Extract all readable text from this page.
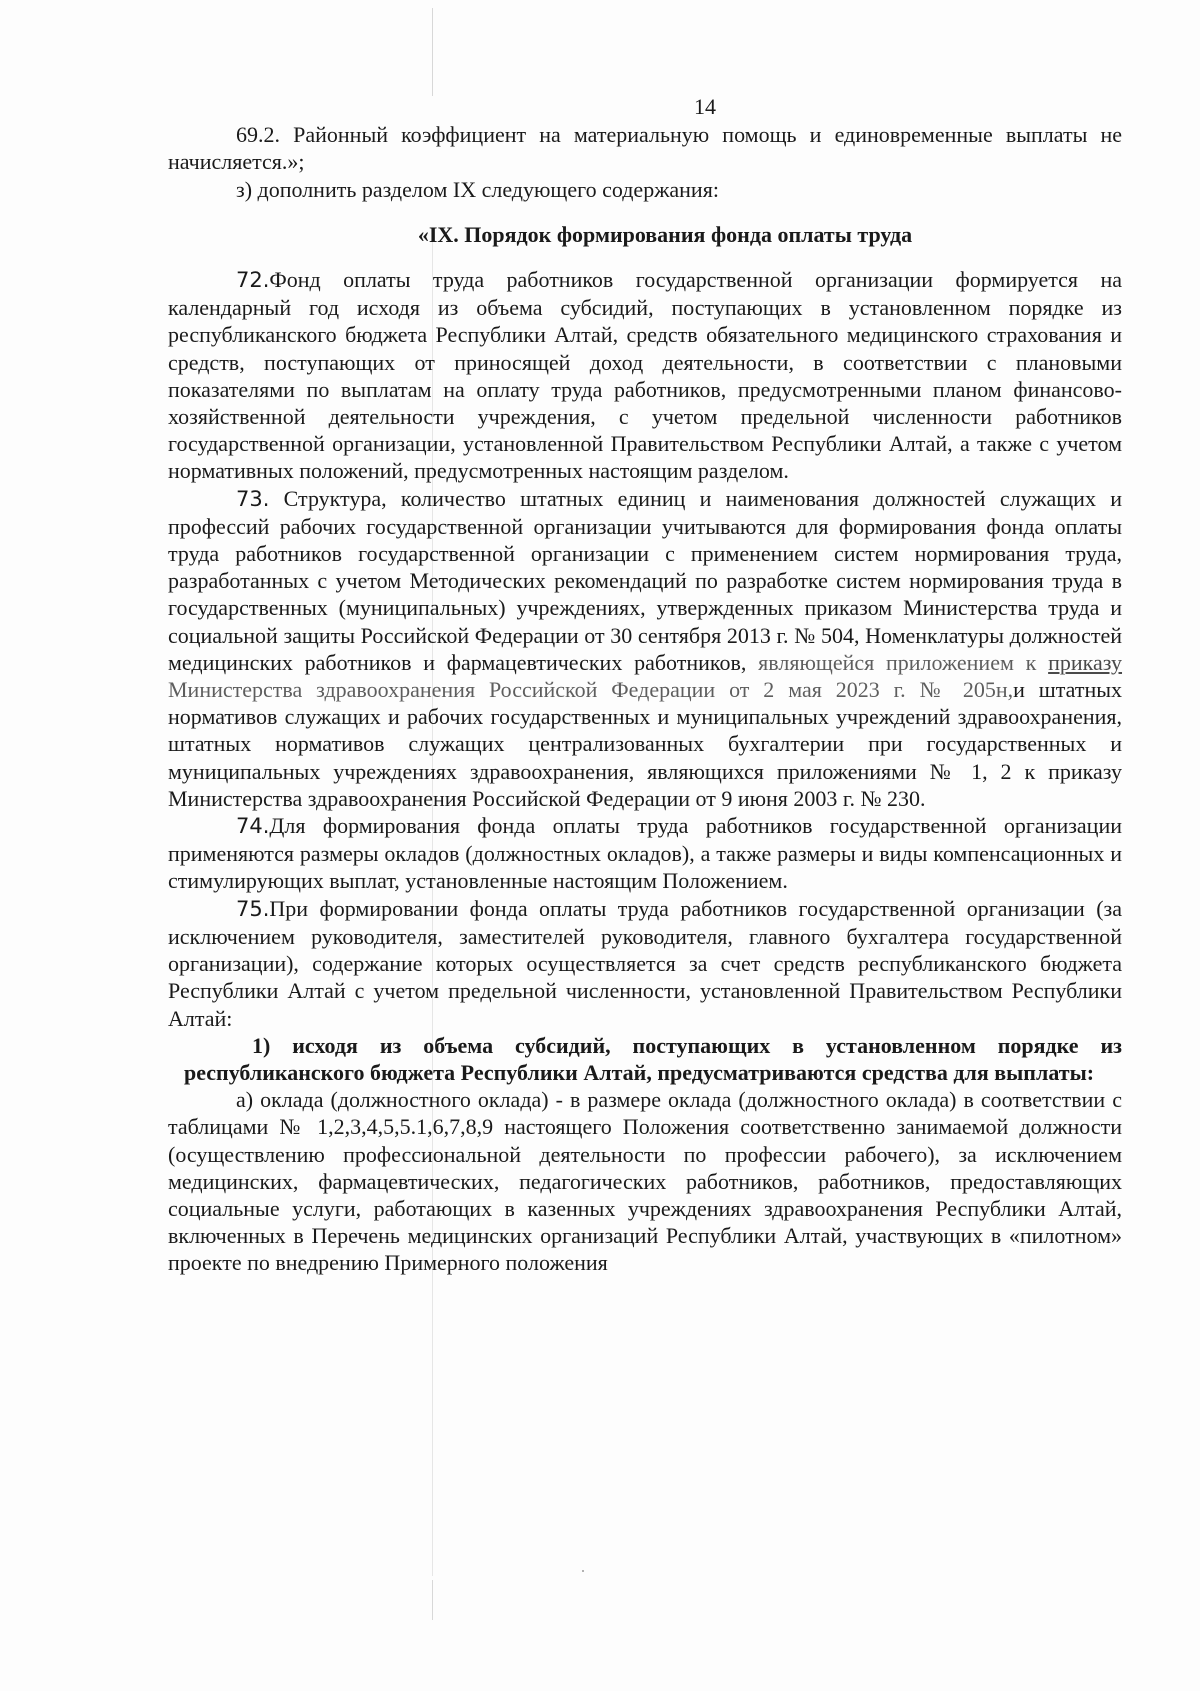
14

69.2. Районный коэффициент на материальную помощь и единовременные выплаты не начисляется.»;

з) дополнить разделом IX следующего содержания:

«IX. Порядок формирования фонда оплаты труда

72.Фонд оплаты труда работников государственной организации формируется на календарный год исходя из объема субсидий, поступающих в установленном порядке из республиканского бюджета Республики Алтай, средств обязательного медицинского страхования и средств, поступающих от приносящей доход деятельности, в соответствии с плановыми показателями по выплатам на оплату труда работников, предусмотренными планом финансово-хозяйственной деятельности учреждения, с учетом предельной численности работников государственной организации, установленной Правительством Республики Алтай, а также с учетом нормативных положений, предусмотренных настоящим разделом.

73. Структура, количество штатных единиц и наименования должностей служащих и профессий рабочих государственной организации учитываются для формирования фонда оплаты труда работников государственной организации с применением систем нормирования труда, разработанных с учетом Методических рекомендаций по разработке систем нормирования труда в государственных (муниципальных) учреждениях, утвержденных приказом Министерства труда и социальной защиты Российской Федерации от 30 сентября 2013 г. № 504, Номенклатуры должностей медицинских работников и фармацевтических работников, являющейся приложением к приказу Министерства здравоохранения Российской Федерации от 2 мая 2023 г. № 205н,и штатных нормативов служащих и рабочих государственных и муниципальных учреждений здравоохранения, штатных нормативов служащих централизованных бухгалтерии при государственных и муниципальных учреждениях здравоохранения, являющихся приложениями № 1, 2 к приказу Министерства здравоохранения Российской Федерации от 9 июня 2003 г. № 230.

74.Для формирования фонда оплаты труда работников государственной организации применяются размеры окладов (должностных окладов), а также размеры и виды компенсационных и стимулирующих выплат, установленные настоящим Положением.

75.При формировании фонда оплаты труда работников государственной организации (за исключением руководителя, заместителей руководителя, главного бухгалтера государственной организации), содержание которых осуществляется за счет средств республиканского бюджета Республики Алтай с учетом предельной численности, установленной Правительством Республики Алтай:

1) исходя из объема субсидий, поступающих в установленном порядке из республиканского бюджета Республики Алтай, предусматриваются средства для выплаты:

а) оклада (должностного оклада) - в размере оклада (должностного оклада) в соответствии с таблицами № 1,2,3,4,5,5.1,6,7,8,9 настоящего Положения соответственно занимаемой должности (осуществлению профессиональной деятельности по профессии рабочего), за исключением медицинских, фармацевтических, педагогических работников, работников, предоставляющих социальные услуги, работающих в казенных учреждениях здравоохранения Республики Алтай, включенных в Перечень медицинских организаций Республики Алтай, участвующих в «пилотном» проекте по внедрению Примерного положения
